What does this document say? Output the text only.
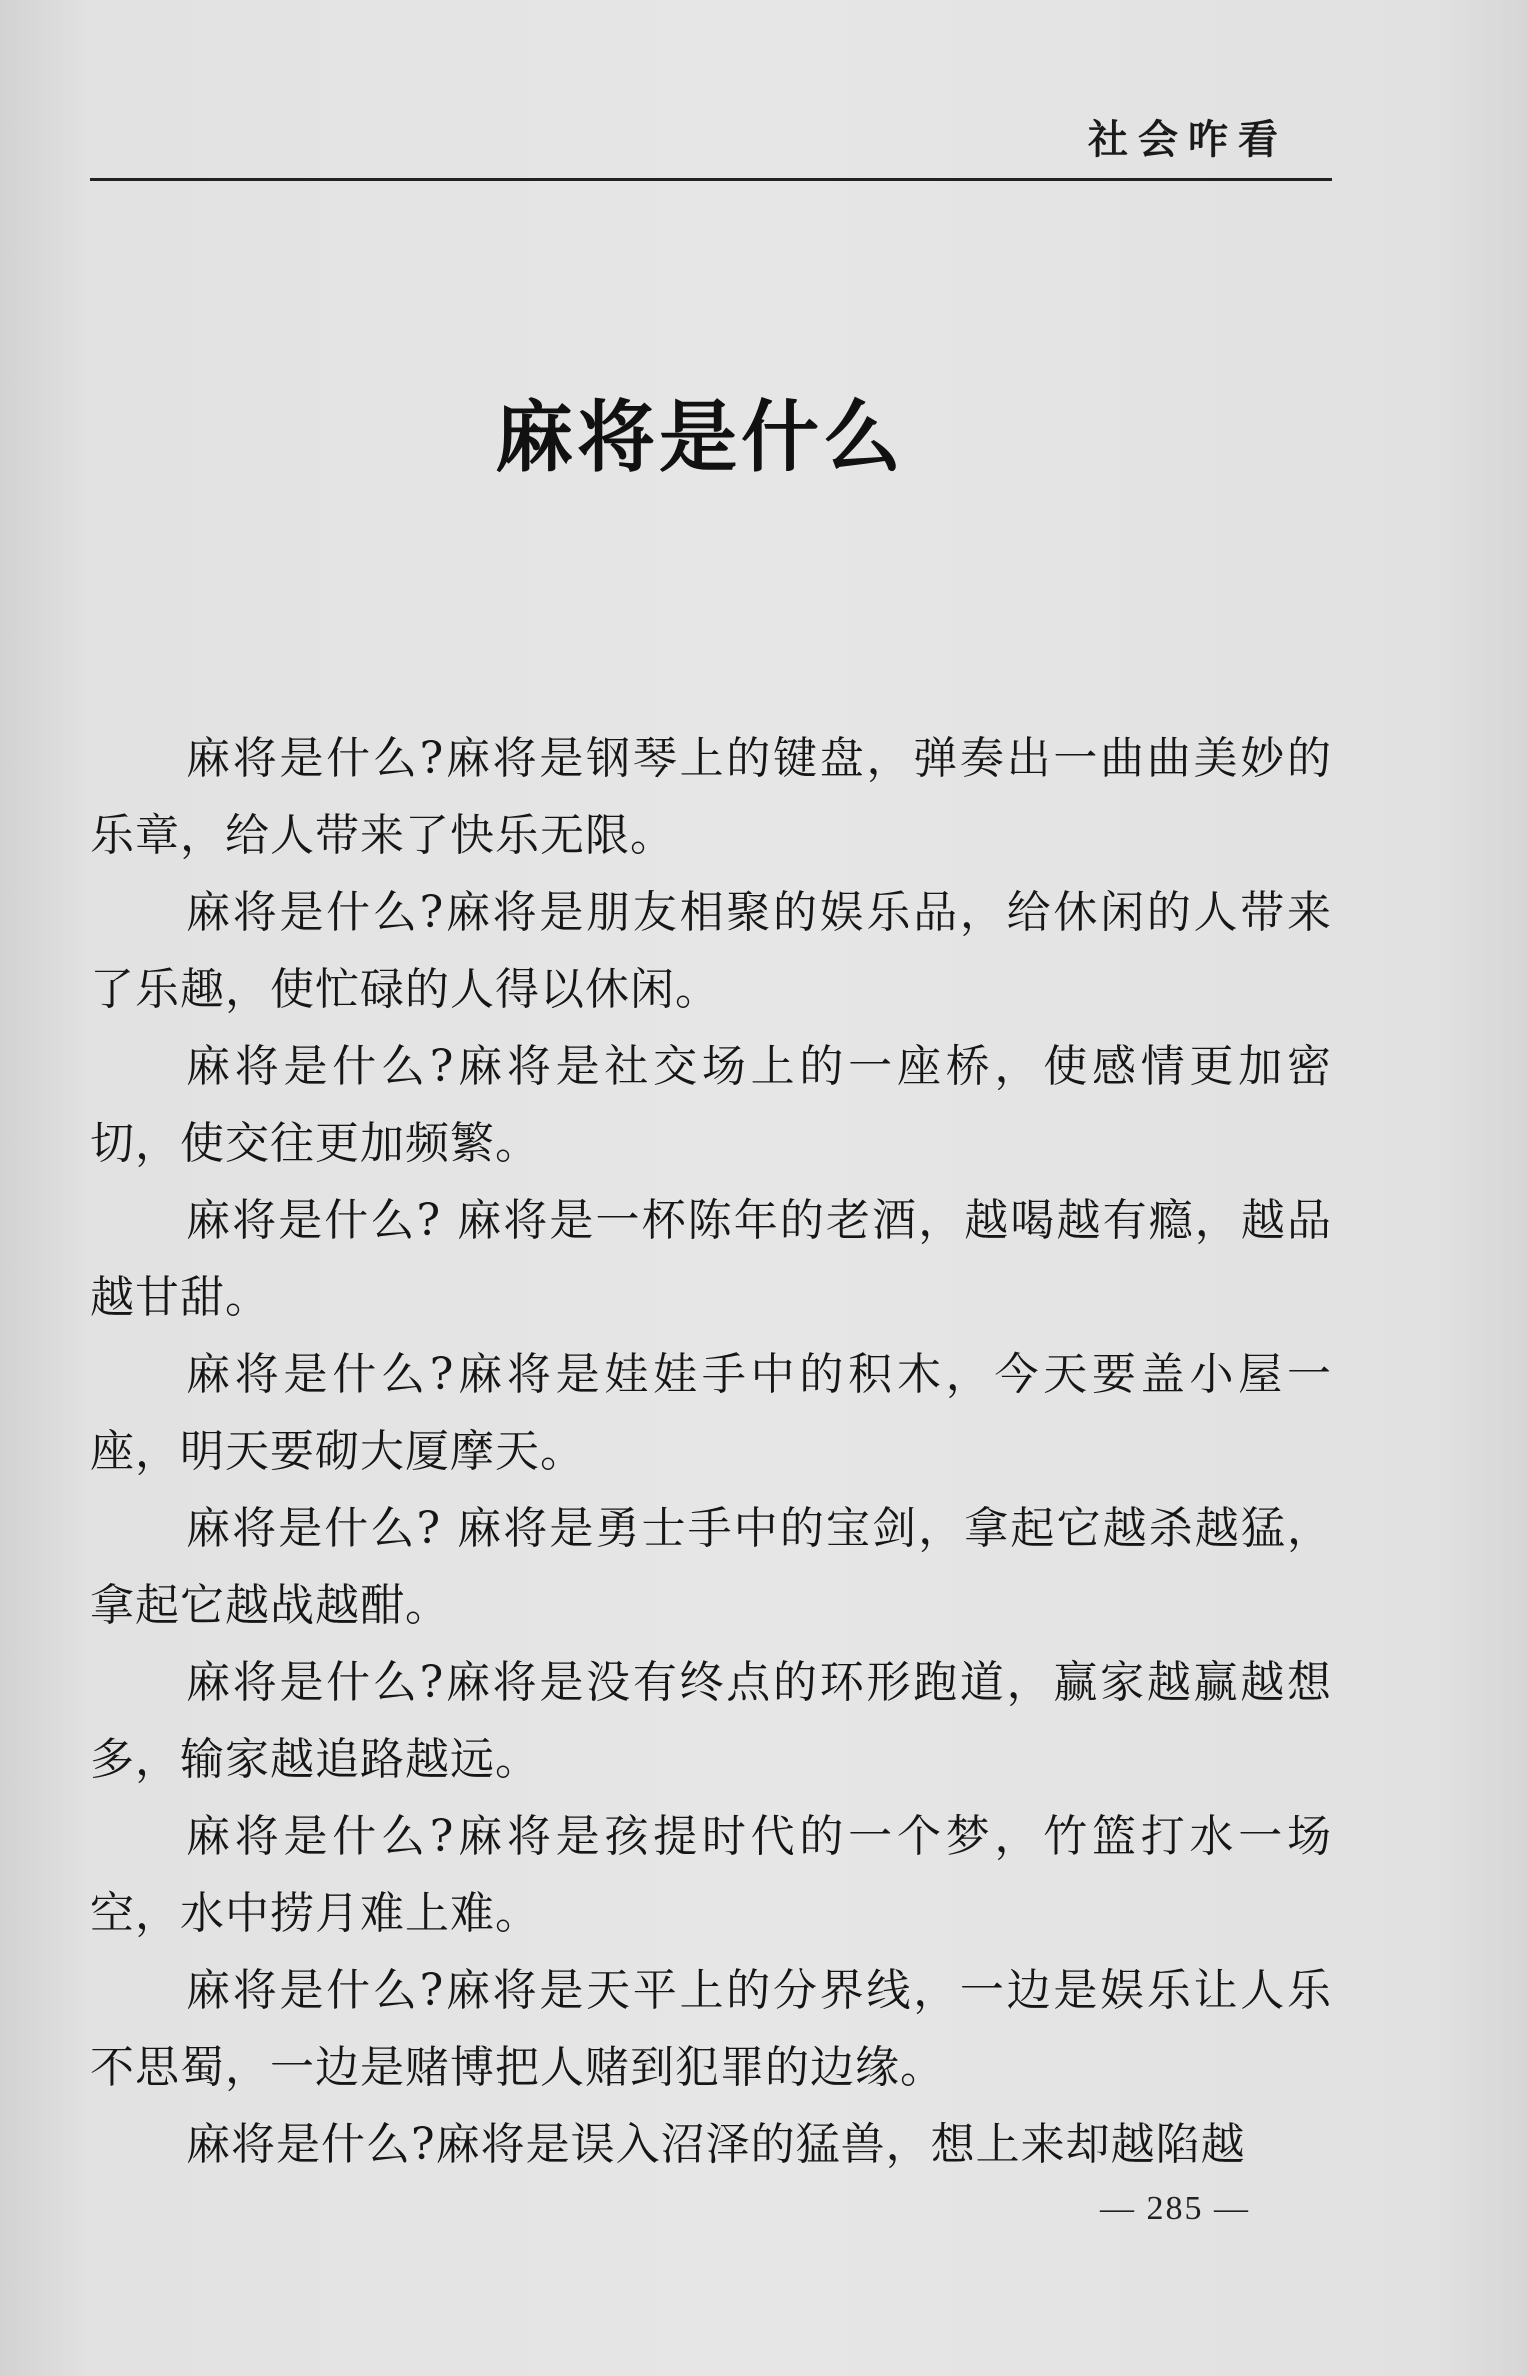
社会咋看
麻将是什么

麻将是什么?麻将是钢琴上的键盘，弹奏出一曲曲美妙的乐章，给人带来了快乐无限。

麻将是什么?麻将是朋友相聚的娱乐品，给休闲的人带来了乐趣，使忙碌的人得以休闲。

麻将是什么?麻将是社交场上的一座桥，使感情更加密切，使交往更加频繁。

麻将是什么? 麻将是一杯陈年的老酒，越喝越有瘾，越品越甘甜。

麻将是什么?麻将是娃娃手中的积木，今天要盖小屋一座，明天要砌大厦摩天。

麻将是什么? 麻将是勇士手中的宝剑，拿起它越杀越猛，拿起它越战越酣。

麻将是什么?麻将是没有终点的环形跑道，赢家越赢越想多，输家越追路越远。

麻将是什么?麻将是孩提时代的一个梦，竹篮打水一场空，水中捞月难上难。

麻将是什么?麻将是天平上的分界线，一边是娱乐让人乐不思蜀，一边是赌博把人赌到犯罪的边缘。

麻将是什么?麻将是误入沼泽的猛兽，想上来却越陷越

— 285 —
